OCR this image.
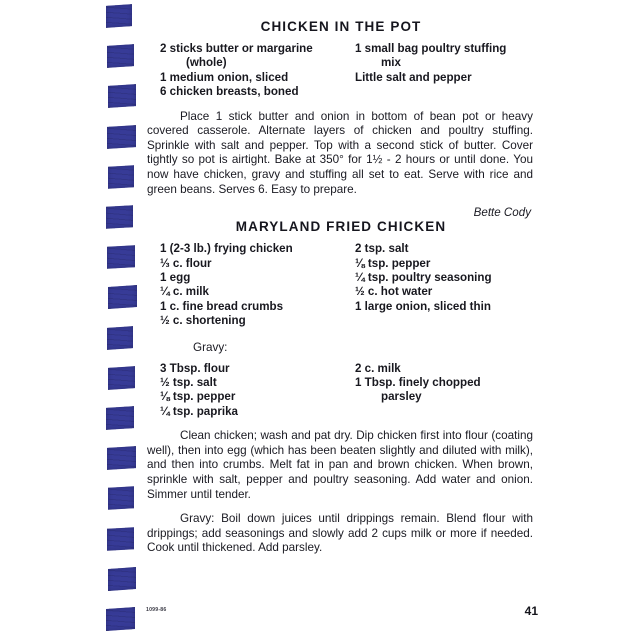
CHICKEN IN THE POT
2 sticks butter or margarine
(whole)
1 medium onion, sliced
6 chicken breasts, boned

1 small bag poultry stuffing
mix
Little salt and pepper

Place 1 stick butter and onion in bottom of bean pot or heavy covered casserole. Alternate layers of chicken and poultry stuffing. Sprinkle with salt and pepper. Top with a second stick of butter. Cover tightly so pot is airtight. Bake at 350° for 1½ - 2 hours or until done. You now have chicken, gravy and stuffing all set to eat. Serve with rice and green beans. Serves 6. Easy to prepare.

Bette Cody
MARYLAND FRIED CHICKEN
1 (2-3 lb.) frying chicken
⅓ c. flour
1 egg
¼ c. milk
1 c. fine bread crumbs
½ c. shortening

2 tsp. salt
⅛ tsp. pepper
¼ tsp. poultry seasoning
½ c. hot water
1 large onion, sliced thin
Gravy:
3 Tbsp. flour
½ tsp. salt
⅛ tsp. pepper
¼ tsp. paprika

2 c. milk
1 Tbsp. finely chopped
parsley

Clean chicken; wash and pat dry. Dip chicken first into flour (coating well), then into egg (which has been beaten slightly and diluted with milk), and then into crumbs. Melt fat in pan and brown chicken. When brown, sprinkle with salt, pepper and poultry seasoning. Add water and onion. Simmer until tender.

Gravy: Boil down juices until drippings remain. Blend flour with drippings; add seasonings and slowly add 2 cups milk or more if needed. Cook until thickened. Add parsley.

1099-86	41
